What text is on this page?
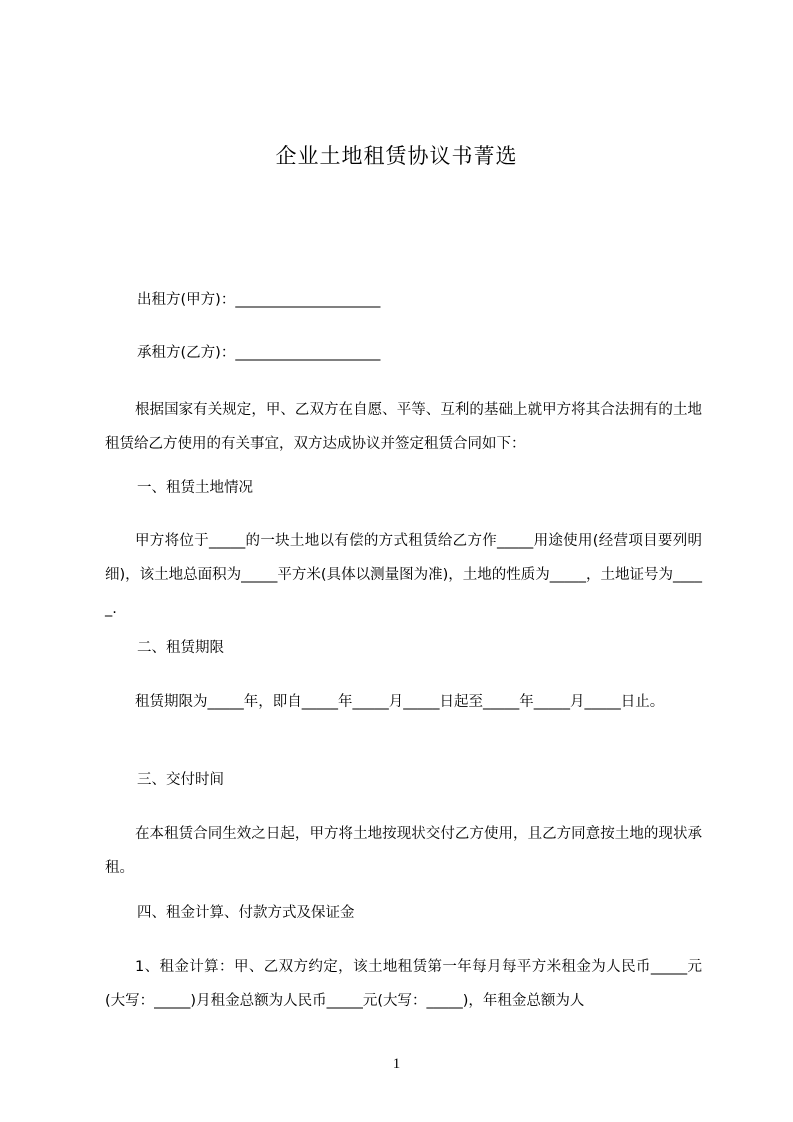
企业土地租赁协议书菁选
出租方(甲方)：____________________
承租方(乙方)：____________________
根据国家有关规定，甲、乙双方在自愿、平等、互利的基础上就甲方将其合法拥有的土地租赁给乙方使用的有关事宜，双方达成协议并签定租赁合同如下：
一、租赁土地情况
甲方将位于_____的一块土地以有偿的方式租赁给乙方作_____用途使用(经营项目要列明细)，该土地总面积为_____平方米(具体以测量图为准)，土地的性质为_____，土地证号为_____.
二、租赁期限
租赁期限为_____年，即自_____年_____月_____日起至_____年_____月_____日止。
三、交付时间
在本租赁合同生效之日起，甲方将土地按现状交付乙方使用，且乙方同意按土地的现状承租。
四、租金计算、付款方式及保证金
1、租金计算：甲、乙双方约定，该土地租赁第一年每月每平方米租金为人民币_____元(大写：_____)月租金总额为人民币_____元(大写：_____)，年租金总额为人
1
